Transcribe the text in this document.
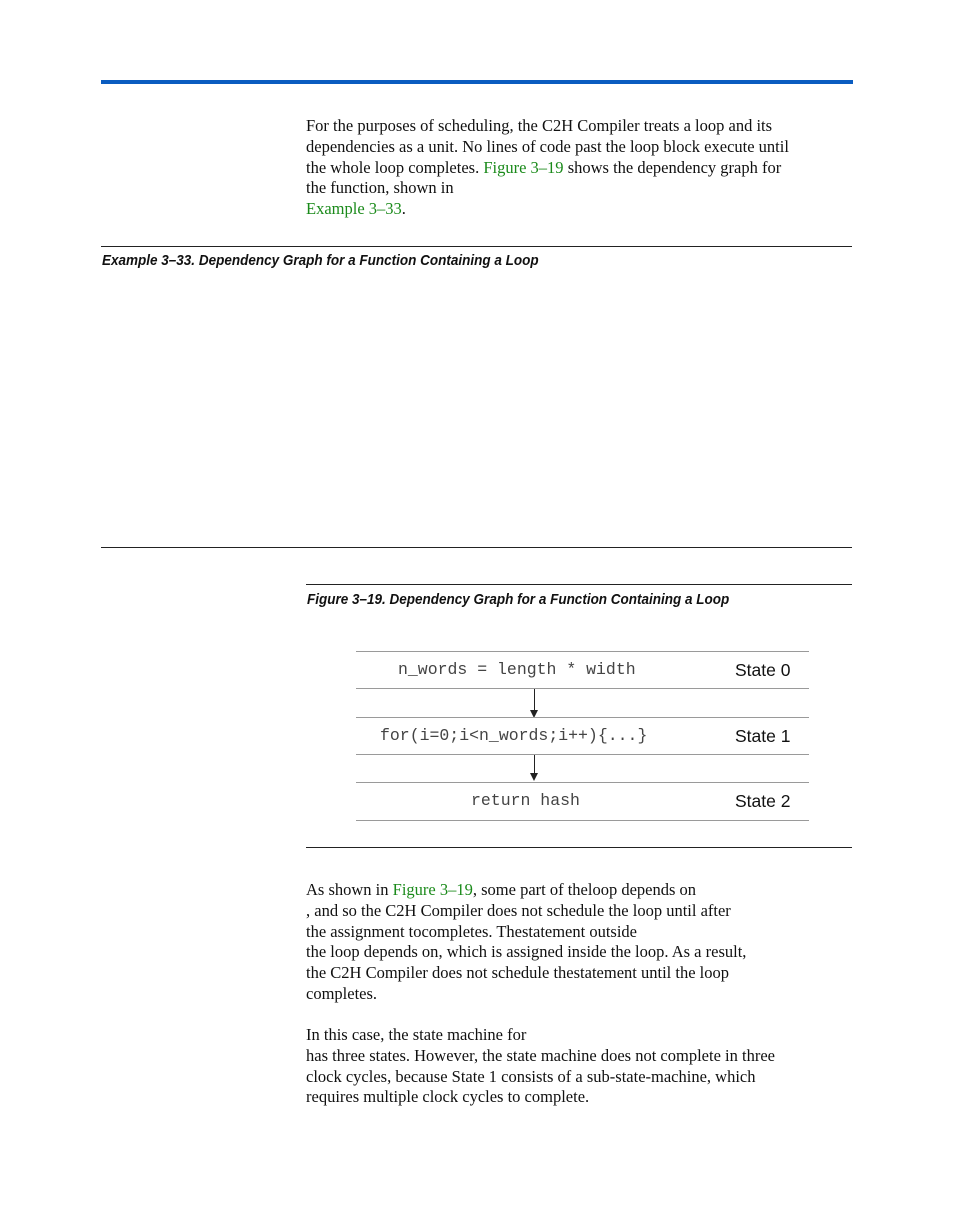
For the purposes of scheduling, the C2H Compiler treats a loop and its
dependencies as a unit. No lines of code past the loop block execute until
the whole loop completes. Figure 3–19 shows the dependency graph for
the function, shown in
Example 3–33.
Example 3–33. Dependency Graph for a Function Containing a Loop
Figure 3–19. Dependency Graph for a Function Containing a Loop
n_words = length * width	State 0
for(i=0;i<n_words;i++){...}	State 1
return hash	State 2
As shown in Figure 3–19, some part of theloop depends on
, and so the C2H Compiler does not schedule the loop until after
the assignment tocompletes. Thestatement outside
the loop depends on, which is assigned inside the loop. As a result,
the C2H Compiler does not schedule thestatement until the loop
completes.
In this case, the state machine for
has three states. However, the state machine does not complete in three
clock cycles, because State 1 consists of a sub-state-machine, which
requires multiple clock cycles to complete.
